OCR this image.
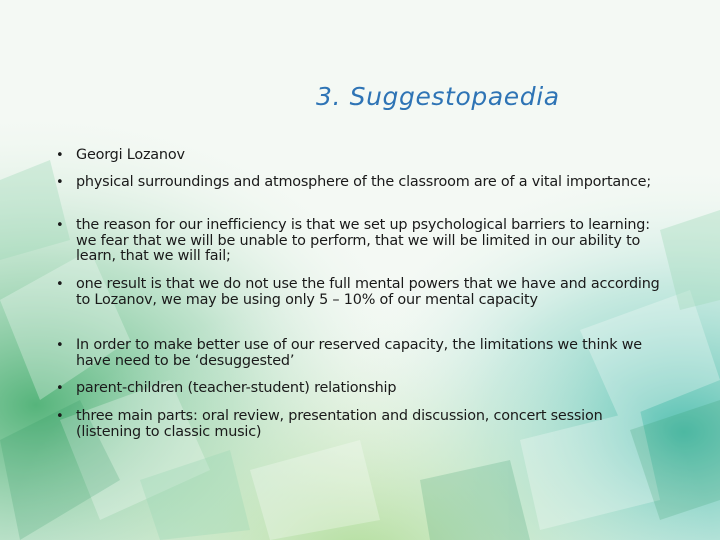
3. Suggestopaedia
• Georgi Lozanov
• physical surroundings and atmosphere of the classroom are of a vital importance;
• the reason for our inefficiency is that we set up psychological barriers to learning: we fear that we will be unable to perform, that we will be limited in our ability to learn, that we will fail;
• one result is that we do not use the full mental powers that we have and according to Lozanov, we may be using only 5 – 10% of our mental capacity
• In order to make better use of our reserved capacity, the limitations we think we have need to be ‘desuggested’
• parent-children (teacher-student) relationship
• three main parts: oral review, presentation and discussion, concert session (listening to classic music)
